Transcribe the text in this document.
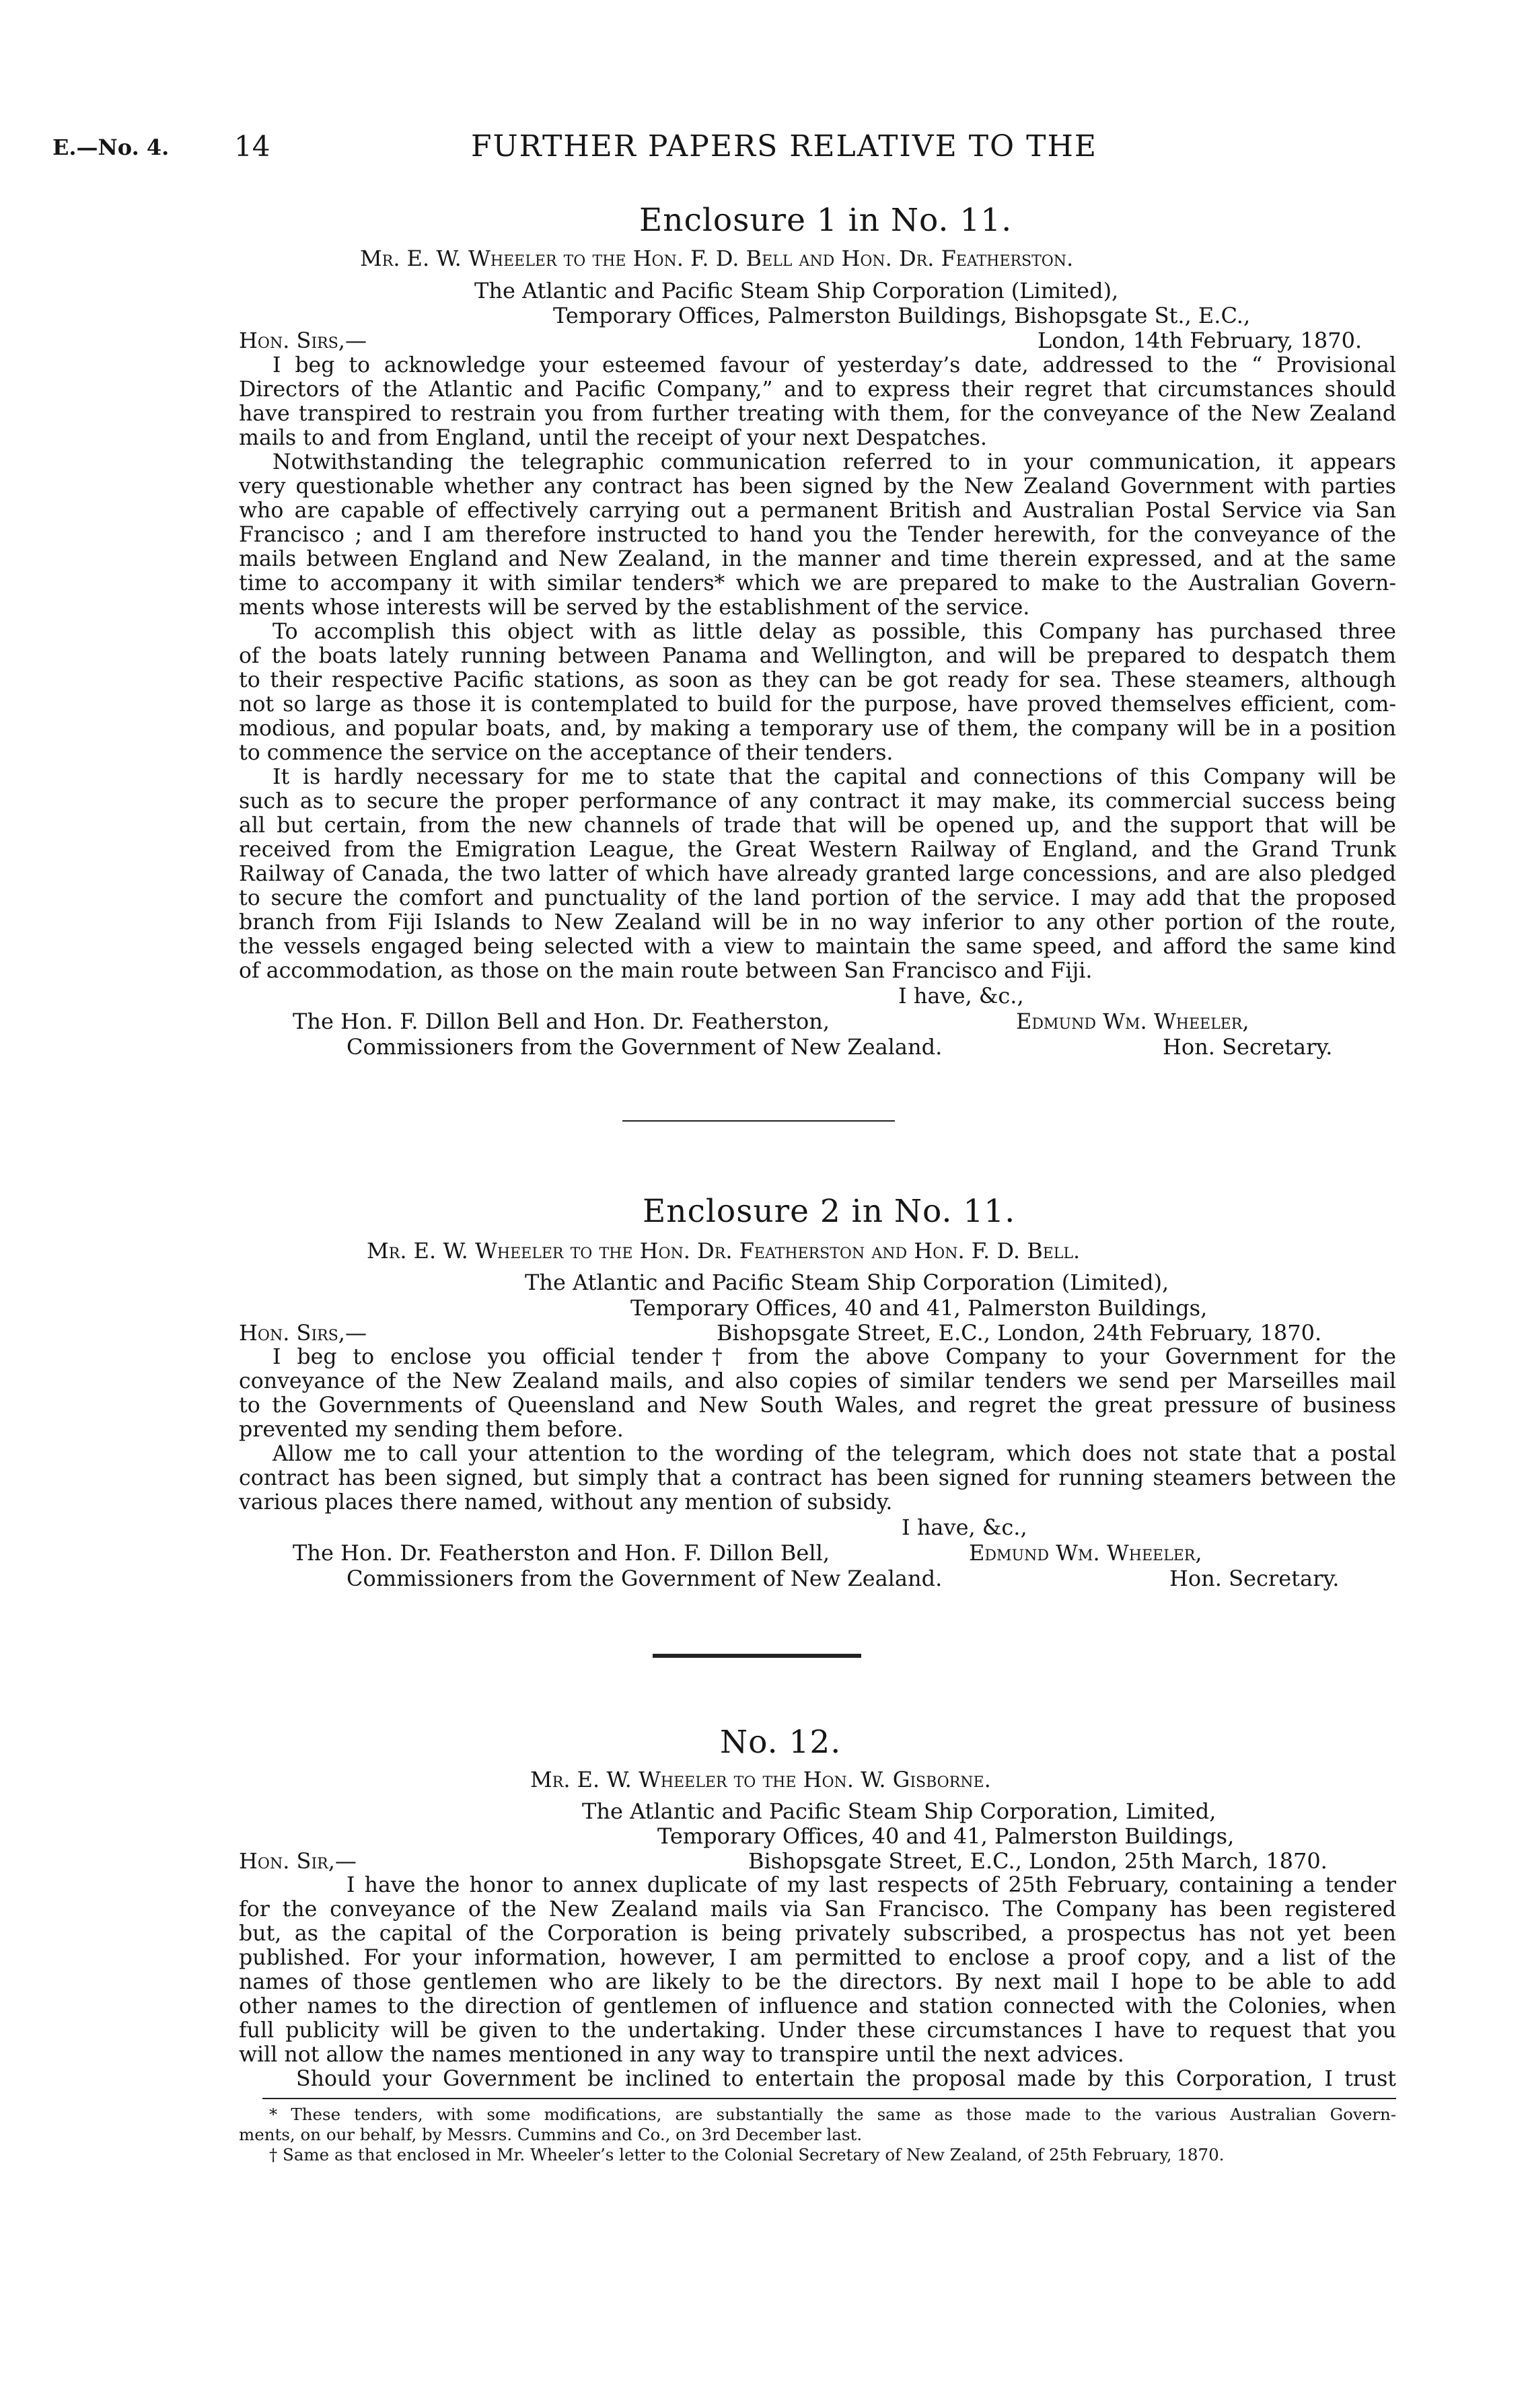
E.—No. 4. 14	FURTHER PAPERS RELATIVE TO THE
Enclosure 1 in No. 11.
Mr. E. W. Wheeler to the Hon. F. D. Bell and Hon. Dr. Featherston.
The Atlantic and Pacific Steam Ship Corporation (Limited),
Temporary Offices, Palmerston Buildings, Bishopsgate St., E.C.,
Hon. Sirs,—	London, 14th February, 1870.
I beg to acknowledge your esteemed favour of yesterday’s date, addressed to the “ Provisional
Directors of the Atlantic and Pacific Company,” and to express their regret that circumstances should
have transpired to restrain you from further treating with them, for the conveyance of the New Zealand
mails to and from England, until the receipt of your next Despatches.
Notwithstanding the telegraphic communication referred to in your communication, it appears
very questionable whether any contract has been signed by the New Zealand Government with parties
who are capable of effectively carrying out a permanent British and Australian Postal Service via San
Francisco ; and I am therefore instructed to hand you the Tender herewith, for the conveyance of the
mails between England and New Zealand, in the manner and time therein expressed, and at the same
time to accompany it with similar tenders* which we are prepared to make to the Australian Govern-
ments whose interests will be served by the establishment of the service.
To accomplish this object with as little delay as possible, this Company has purchased three
of the boats lately running between Panama and Wellington, and will be prepared to despatch them
to their respective Pacific stations, as soon as they can be got ready for sea. These steamers, although
not so large as those it is contemplated to build for the purpose, have proved themselves efficient, com-
modious, and popular boats, and, by making a temporary use of them, the company will be in a position
to commence the service on the acceptance of their tenders.
It is hardly necessary for me to state that the capital and connections of this Company will be
such as to secure the proper performance of any contract it may make, its commercial success being
all but certain, from the new channels of trade that will be opened up, and the support that will be
received from the Emigration League, the Great Western Railway of England, and the Grand Trunk
Railway of Canada, the two latter of which have already granted large concessions, and are also pledged
to secure the comfort and punctuality of the land portion of the service. I may add that the proposed
branch from Fiji Islands to New Zealand will be in no way inferior to any other portion of the route,
the vessels engaged being selected with a view to maintain the same speed, and afford the same kind
of accommodation, as those on the main route between San Francisco and Fiji.
I have, &c.,
The Hon. F. Dillon Bell and Hon. Dr. Featherston,	Edmund Wm. Wheeler,
Commissioners from the Government of New Zealand.	Hon. Secretary.
Enclosure 2 in No. 11.
Mr. E. W. Wheeler to the Hon. Dr. Featherston and Hon. F. D. Bell.
The Atlantic and Pacific Steam Ship Corporation (Limited),
Temporary Offices, 40 and 41, Palmerston Buildings,
Hon. Sirs,—	Bishopsgate Street, E.C., London, 24th February, 1870.
I beg to enclose you official tender† from the above Company to your Government for the
conveyance of the New Zealand mails, and also copies of similar tenders we send per Marseilles mail
to the Governments of Queensland and New South Wales, and regret the great pressure of business
prevented my sending them before.
Allow me to call your attention to the wording of the telegram, which does not state that a postal
contract has been signed, but simply that a contract has been signed for running steamers between the
various places there named, without any mention of subsidy.
I have, &c.,
The Hon. Dr. Featherston and Hon. F. Dillon Bell,	Edmund Wm. Wheeler,
Commissioners from the Government of New Zealand.	Hon. Secretary.
No. 12.
Mr. E. W. Wheeler to the Hon. W. Gisborne.
The Atlantic and Pacific Steam Ship Corporation, Limited,
Temporary Offices, 40 and 41, Palmerston Buildings,
Hon. Sir,—	Bishopsgate Street, E.C., London, 25th March, 1870.
I have the honor to annex duplicate of my last respects of 25th February, containing a tender
for the conveyance of the New Zealand mails via San Francisco. The Company has been registered
but, as the capital of the Corporation is being privately subscribed, a prospectus has not yet been
published. For your information, however, I am permitted to enclose a proof copy, and a list of the
names of those gentlemen who are likely to be the directors. By next mail I hope to be able to add
other names to the direction of gentlemen of influence and station connected with the Colonies, when
full publicity will be given to the undertaking. Under these circumstances I have to request that you
will not allow the names mentioned in any way to transpire until the next advices.
Should your Government be inclined to entertain the proposal made by this Corporation, I trust
* These tenders, with some modifications, are substantially the same as those made to the various Australian Govern-
ments, on our behalf, by Messrs. Cummins and Co., on 3rd December last.
† Same as that enclosed in Mr. Wheeler’s letter to the Colonial Secretary of New Zealand, of 25th February, 1870.
